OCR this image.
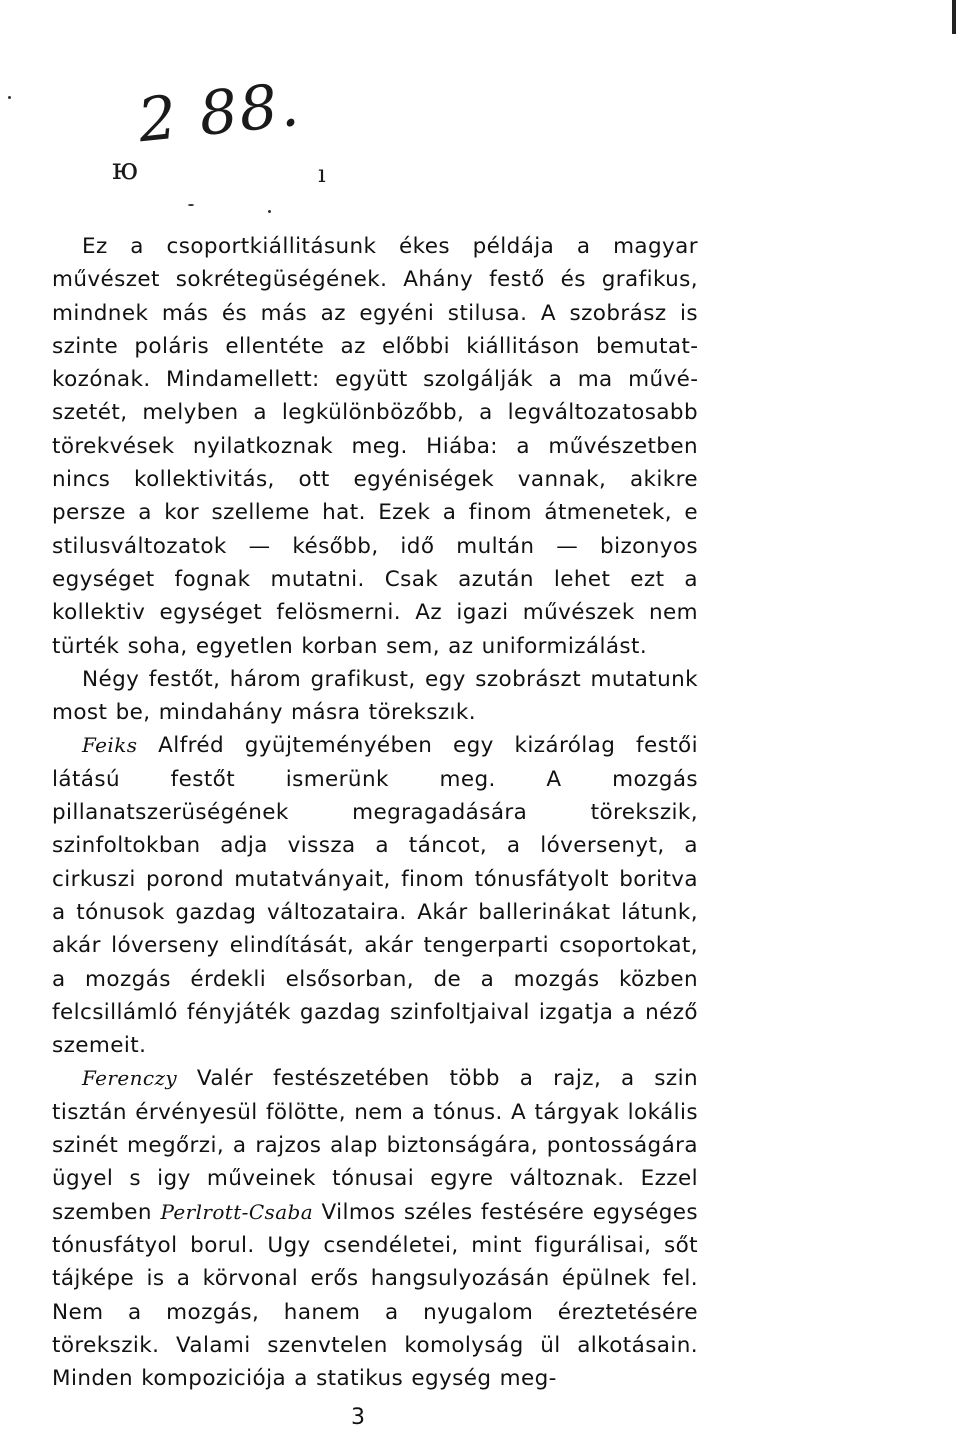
2 88.
ю	ı

Ez a csoportkiállitásunk ékes példája a magyar művészet sokrétegüségének. Ahány festő és grafikus, mindnek más és más az egyéni stilusa. A szobrász is szinte poláris ellentéte az előbbi kiállitáson bemutatkozónak. Mindamellett: együtt szolgálják a ma művészetét, melyben a legkülönbözőbb, a legváltozatosabb törekvések nyilatkoznak meg. Hiába: a művészetben nincs kollektivitás, ott egyéniségek vannak, akikre persze a kor szelleme hat. Ezek a finom átmenetek, e stilusváltozatok — később, idő multán — bizonyos egységet fognak mutatni. Csak azután lehet ezt a kollektiv egységet felösmerni. Az igazi művészek nem türték soha, egyetlen korban sem, az uniformizálást.

Négy festőt, három grafikust, egy szobrászt mutatunk most be, mindahány másra törekszık.

Feiks Alfréd gyüjteményében egy kizárólag festői látású festőt ismerünk meg. A mozgás pillanatszerüségének megragadására törekszik, szinfoltokban adja vissza a táncot, a lóversenyt, a cirkuszi porond mutatványait, finom tónusfátyolt boritva a tónusok gazdag változataira. Akár ballerinákat látunk, akár lóverseny elindítását, akár tengerparti csoportokat, a mozgás érdekli elsősorban, de a mozgás közben felcsillámló fényjáték gazdag szinfoltjaival izgatja a néző szemeit.

Ferenczy Valér festészetében több a rajz, a szin tisztán érvényesül fölötte, nem a tónus. A tárgyak lokális szinét megőrzi, a rajzos alap biztonságára, pontosságára ügyel s igy műveinek tónusai egyre változnak. Ezzel szemben Perlrott-Csaba Vilmos széles festésére egységes tónusfátyol borul. Ugy csendéletei, mint figurálisai, sőt tájképe is a körvonal erős hangsulyozásán épülnek fel. Nem a mozgás, hanem a nyugalom éreztetésére törekszik. Valami szenvtelen komolyság ül alkotásain. Minden kompoziciója a statikus egység meg-

3
